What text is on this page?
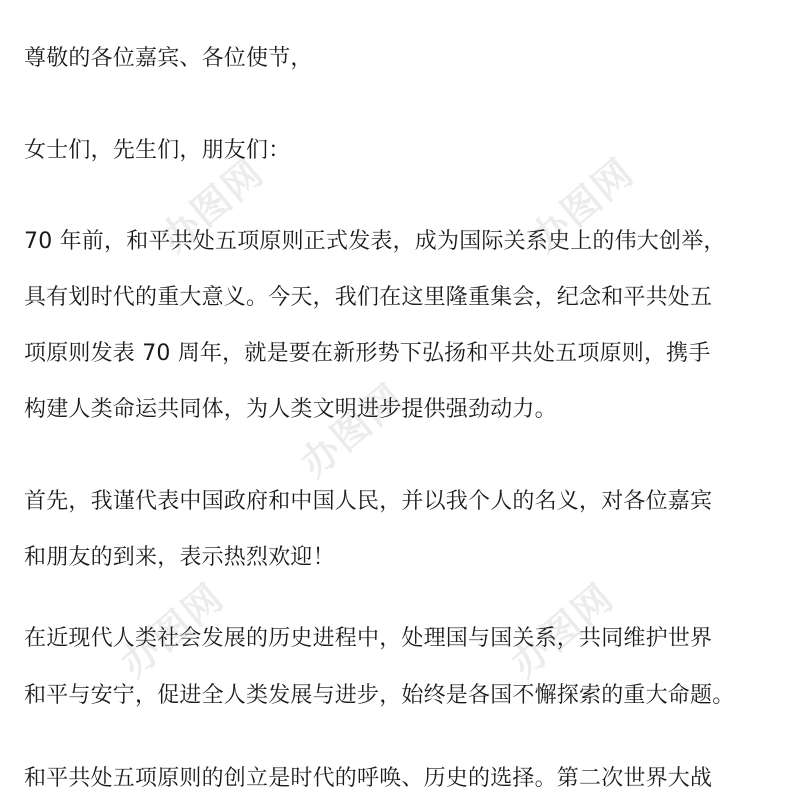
办图网	办图网
办图网
办图网	办图网
尊敬的各位嘉宾、各位使节，
女士们，先生们，朋友们：
70 年前，和平共处五项原则正式发表，成为国际关系史上的伟大创举，
具有划时代的重大意义。今天，我们在这里隆重集会，纪念和平共处五
项原则发表 70 周年，就是要在新形势下弘扬和平共处五项原则，携手
构建人类命运共同体，为人类文明进步提供强劲动力。
首先，我谨代表中国政府和中国人民，并以我个人的名义，对各位嘉宾
和朋友的到来，表示热烈欢迎！
在近现代人类社会发展的历史进程中，处理国与国关系，共同维护世界
和平与安宁，促进全人类发展与进步，始终是各国不懈探索的重大命题。
和平共处五项原则的创立是时代的呼唤、历史的选择。第二次世界大战
